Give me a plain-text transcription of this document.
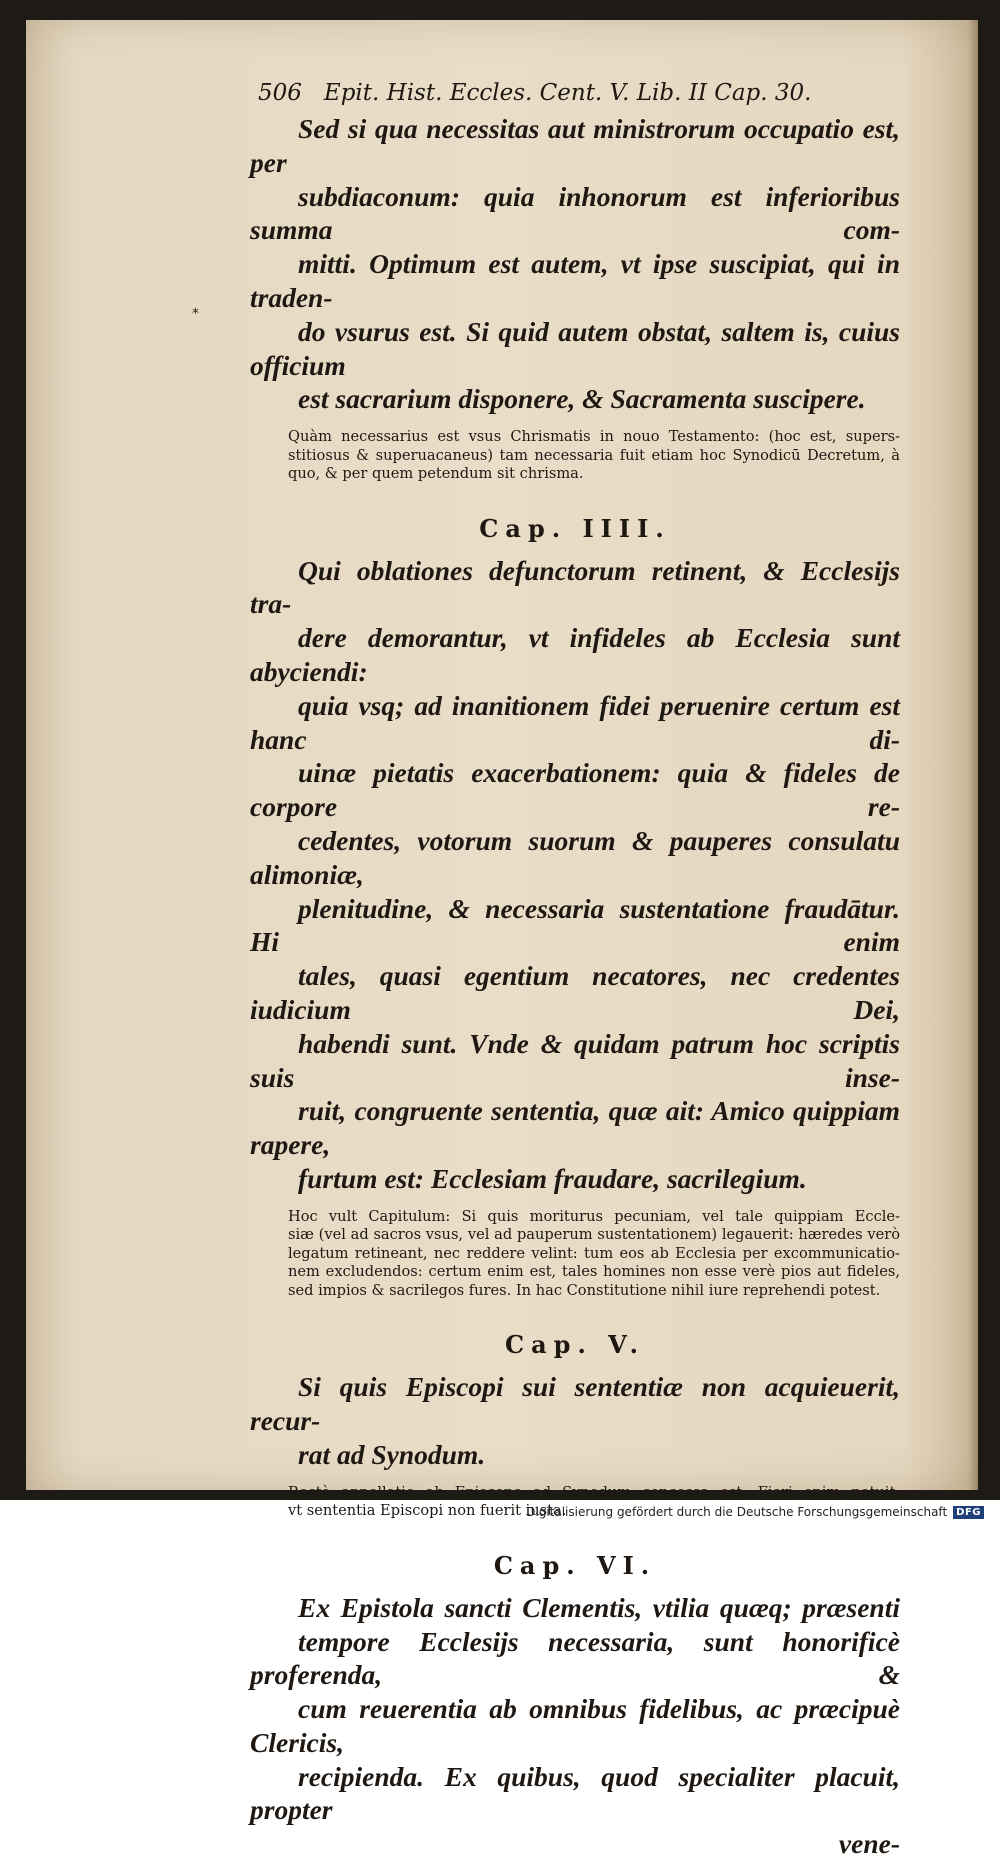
*
506 Epit. Hist. Eccles. Cent. V. Lib. II Cap. 30.

Sed si qua necessitas aut ministrorum occupatio est, per
subdiaconum: quia inhonorum est inferioribus summa com-
mitti. Optimum est autem, vt ipse suscipiat, qui in traden-
do vsurus est. Si quid autem obstat, saltem is, cuius officium
est sacrarium disponere, & Sacramenta suscipere.

Quàm necessarius est vsus Chrismatis in nouo Testamento: (hoc est, supers-
stitiosus & superuacaneus) tam necessaria fuit etiam hoc Synodicū Decretum, à
quo, & per quem petendum sit chrisma.

Cap. IIII.

Qui oblationes defunctorum retinent, & Ecclesijs tra-
dere demorantur, vt infideles ab Ecclesia sunt abyciendi:
quia vsq; ad inanitionem fidei peruenire certum est hanc di-
uinæ pietatis exacerbationem: quia & fideles de corpore re-
cedentes, votorum suorum & pauperes consulatu alimoniæ,
plenitudine, & necessaria sustentatione fraudātur. Hi enim
tales, quasi egentium necatores, nec credentes iudicium Dei,
habendi sunt. Vnde & quidam patrum hoc scriptis suis inse-
ruit, congruente sententia, quæ ait: Amico quippiam rapere,
furtum est: Ecclesiam fraudare, sacrilegium.

Hoc vult Capitulum: Si quis moriturus pecuniam, vel tale quippiam Eccle-
siæ (vel ad sacros vsus, vel ad pauperum sustentationem) legauerit: hæredes verò
legatum retineant, nec reddere velint: tum eos ab Ecclesia per excommunicatio-
nem excludendos: certum enim est, tales homines non esse verè pios aut fideles,
sed impios & sacrilegos fures. In hac Constitutione nihil iure reprehendi potest.

Cap. V.

Si quis Episcopi sui sententiæ non acquieuerit, recur-
rat ad Synodum.

Rectè appellatio ab Episcopo ad Synodum concessa est. Fieri enim potuit,
vt sententia Episcopi non fuerit iusta.

Cap. VI.

Ex Epistola sancti Clementis, vtilia quæq; præsenti
tempore Ecclesijs necessaria, sunt honorificè proferenda, &
cum reuerentia ab omnibus fidelibus, ac præcipuè Clericis,
recipienda. Ex quibus, quod specialiter placuit, propter
vene-

Digitalisierung gefördert durch die Deutsche Forschungsgemeinschaft DFG
